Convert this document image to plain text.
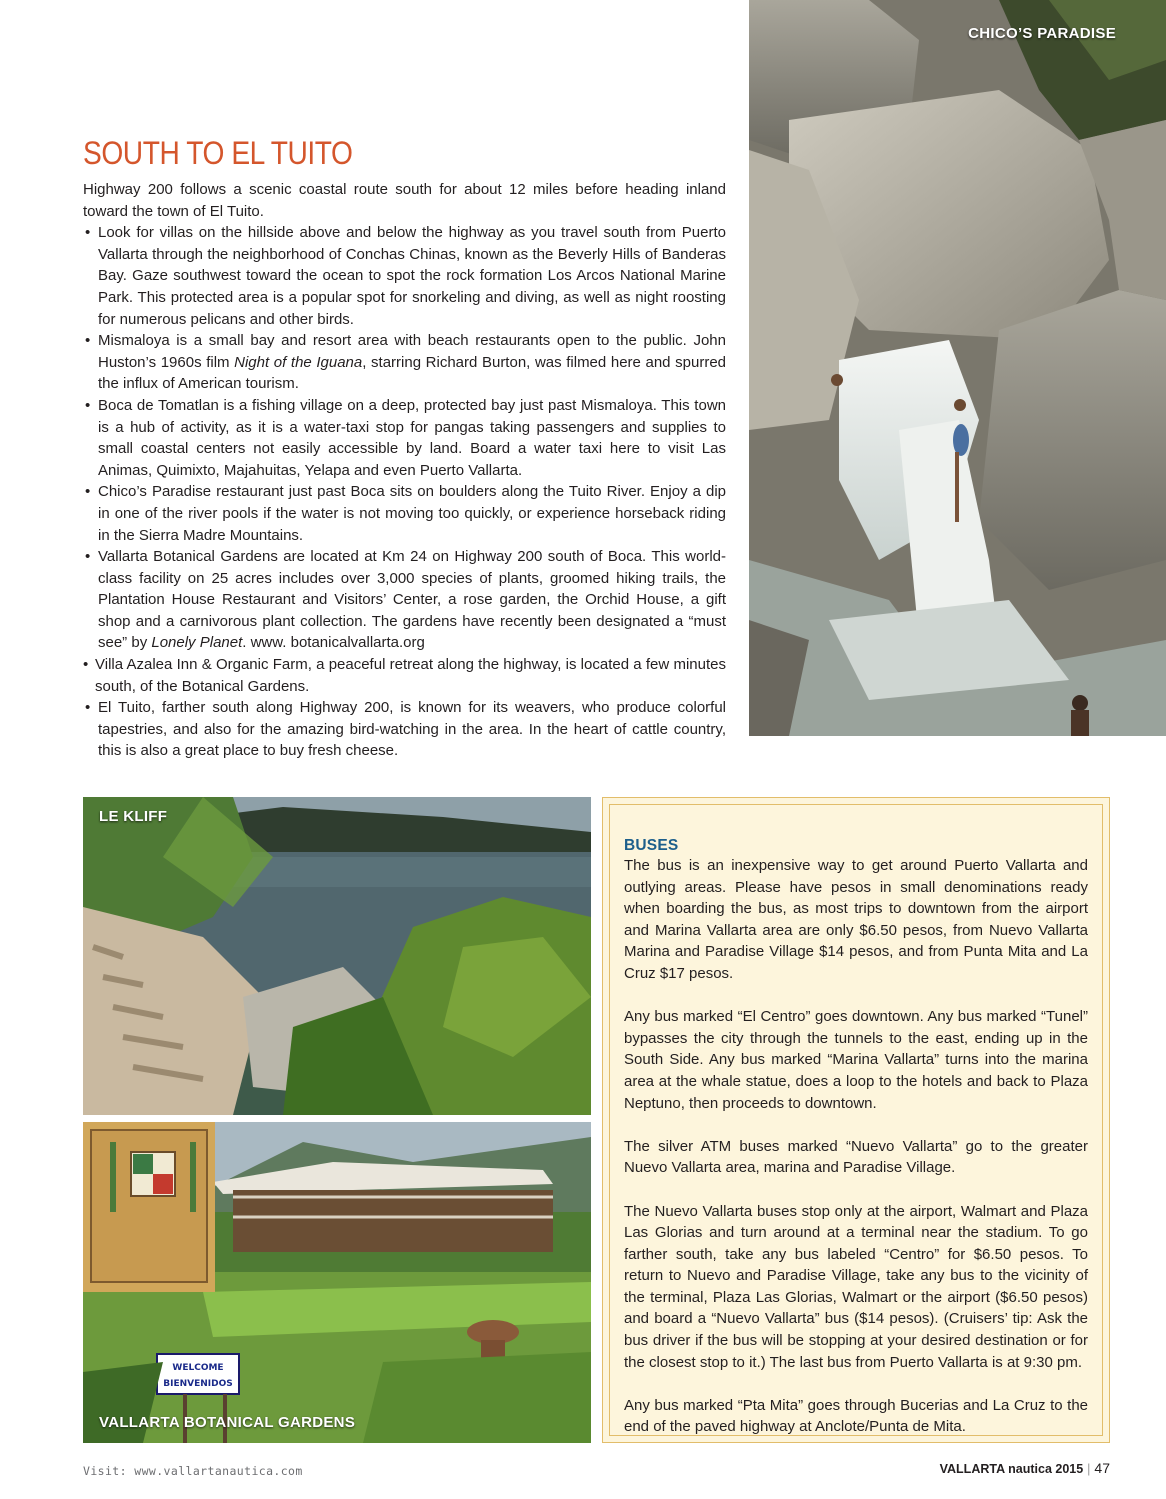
CHICO’S PARADISE
SOUTH TO EL TUITO

Highway 200 follows a scenic coastal route south for about 12 miles before heading inland toward the town of El Tuito.

• Look for villas on the hillside above and below the highway as you travel south from Puerto Vallarta through the neighborhood of Conchas Chinas, known as the Beverly Hills of Banderas Bay. Gaze southwest toward the ocean to spot the rock formation Los Arcos National Marine Park. This protected area is a popular spot for snorkeling and diving, as well as night roosting for numerous pelicans and other birds.
• Mismaloya is a small bay and resort area with beach restaurants open to the public. John Huston’s 1960s film Night of the Iguana, starring Richard Burton, was filmed here and spurred the influx of American tourism.
• Boca de Tomatlan is a fishing village on a deep, protected bay just past Mismaloya. This town is a hub of activity, as it is a water-taxi stop for pangas taking passengers and supplies to small coastal centers not easily accessible by land. Board a water taxi here to visit Las Animas, Quimixto, Majahuitas, Yelapa and even Puerto Vallarta.
• Chico’s Paradise restaurant just past Boca sits on boulders along the Tuito River. Enjoy a dip in one of the river pools if the water is not moving too quickly, or experience horseback riding in the Sierra Madre Mountains.
• Vallarta Botanical Gardens are located at Km 24 on Highway 200 south of Boca. This world-class facility on 25 acres includes over 3,000 species of plants, groomed hiking trails, the Plantation House Restaurant and Visitors’ Center, a rose garden, the Orchid House, a gift shop and a carnivorous plant collection. The gardens have recently been designated a “must see” by Lonely Planet. www. botanicalvallarta.org
• Villa Azalea Inn & Organic Farm, a peaceful retreat along the highway, is located a few minutes south, of the Botanical Gardens.
• El Tuito, farther south along Highway 200, is known for its weavers, who produce colorful tapestries, and also for the amazing bird-watching in the area. In the heart of cattle country, this is also a great place to buy fresh cheese.
LE KLIFF
WELCOME
BIENVENIDOS
VALLARTA BOTANICAL GARDENS
BUSES

The bus is an inexpensive way to get around Puerto Vallarta and outlying areas. Please have pesos in small denominations ready when boarding the bus, as most trips to downtown from the airport and Marina Vallarta area are only $6.50 pesos, from Nuevo Vallarta Marina and Paradise Village $14 pesos, and from Punta Mita and La Cruz $17 pesos.

Any bus marked “El Centro” goes downtown. Any bus marked “Tunel” bypasses the city through the tunnels to the east, ending up in the South Side. Any bus marked “Marina Vallarta” turns into the marina area at the whale statue, does a loop to the hotels and back to Plaza Neptuno, then proceeds to downtown.

The silver ATM buses marked “Nuevo Vallarta” go to the greater Nuevo Vallarta area, marina and Paradise Village.

The Nuevo Vallarta buses stop only at the airport, Walmart and Plaza Las Glorias and turn around at a terminal near the stadium. To go farther south, take any bus labeled “Centro” for $6.50 pesos. To return to Nuevo and Paradise Village, take any bus to the vicinity of the terminal, Plaza Las Glorias, Walmart or the airport ($6.50 pesos) and board a “Nuevo Vallarta” bus ($14 pesos). (Cruisers’ tip: Ask the bus driver if the bus will be stopping at your desired destination or for the closest stop to it.) The last bus from Puerto Vallarta is at 9:30 pm.

Any bus marked “Pta Mita” goes through Bucerias and La Cruz to the end of the paved highway at Anclote/Punta de Mita.

Visit: www.vallartanautica.com	VALLARTA nautica 2015 | 47
